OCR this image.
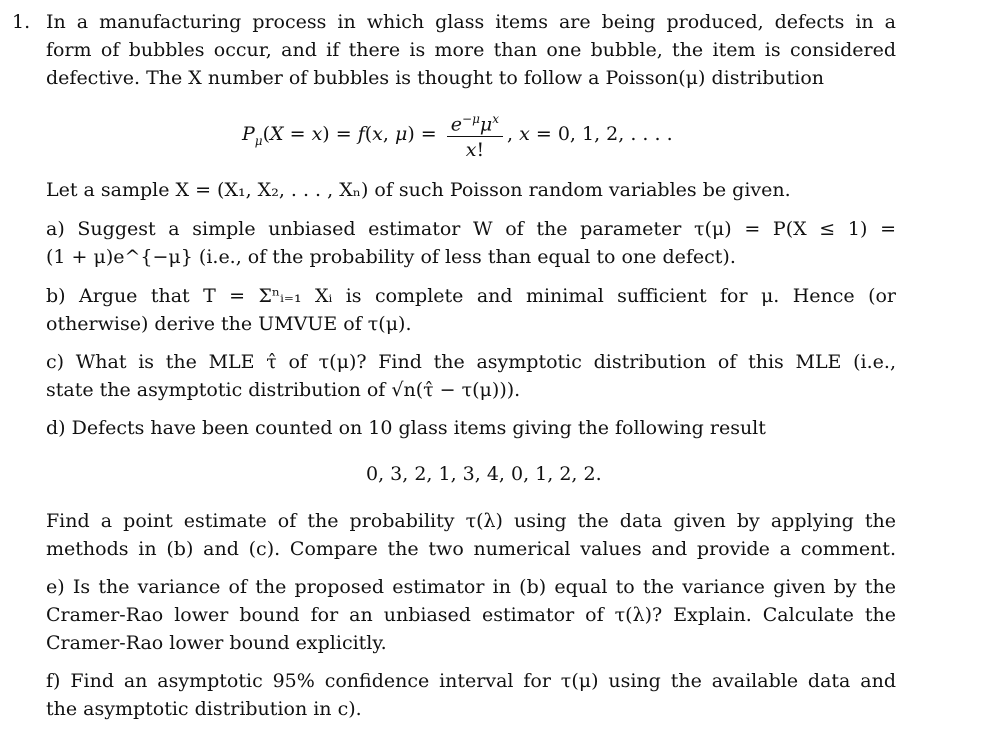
1. In a manufacturing process in which glass items are being produced, defects in a
form of bubbles occur, and if there is more than one bubble, the item is considered
defective. The X number of bubbles is thought to follow a Poisson(μ) distribution
$P_\mu(X = x) = f(x$, $\mu) = \frac{e^{-\mu}\mu^x}{x!}$ , x = 0, 1, 2, . . . .
Let a sample X = (X₁, X₂, . . . , Xₙ) of such Poisson random variables be given.
a) Suggest a simple unbiased estimator W of the parameter τ(μ) = P(X ≤ 1) =
(1 + μ)e^{−μ} (i.e., of the probability of less than equal to one defect).
b) Argue that T = Σⁿᵢ₌₁ Xᵢ is complete and minimal sufficient for μ. Hence (or
otherwise) derive the UMVUE of τ(μ).
c) What is the MLE τ̂ of τ(μ)? Find the asymptotic distribution of this MLE (i.e.,
state the asymptotic distribution of √n(τ̂ − τ(μ))).
d) Defects have been counted on 10 glass items giving the following result
0, 3, 2, 1, 3, 4, 0, 1, 2, 2.
Find a point estimate of the probability τ(λ) using the data given by applying the
methods in (b) and (c). Compare the two numerical values and provide a comment.
e) Is the variance of the proposed estimator in (b) equal to the variance given by the
Cramer-Rao lower bound for an unbiased estimator of τ(λ)? Explain. Calculate the
Cramer-Rao lower bound explicitly.
f) Find an asymptotic 95% confidence interval for τ(μ) using the available data and
the asymptotic distribution in c).
